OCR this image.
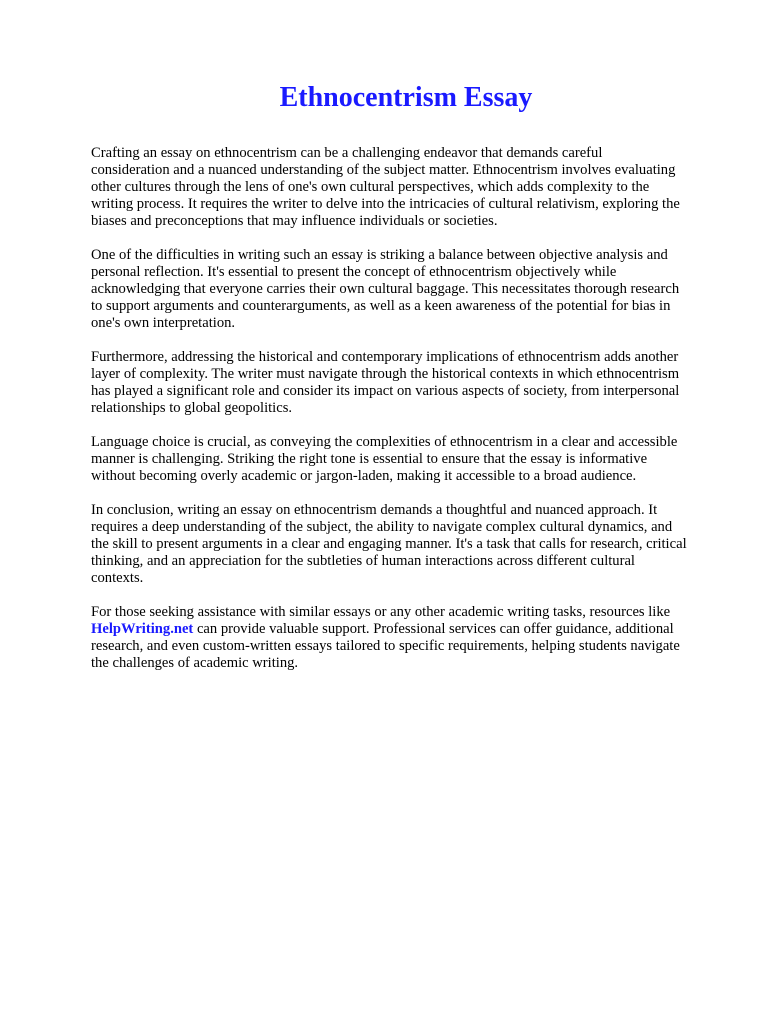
Ethnocentrism Essay

Crafting an essay on ethnocentrism can be a challenging endeavor that demands careful
consideration and a nuanced understanding of the subject matter. Ethnocentrism involves evaluating
other cultures through the lens of one's own cultural perspectives, which adds complexity to the
writing process. It requires the writer to delve into the intricacies of cultural relativism, exploring the
biases and preconceptions that may influence individuals or societies.

One of the difficulties in writing such an essay is striking a balance between objective analysis and
personal reflection. It's essential to present the concept of ethnocentrism objectively while
acknowledging that everyone carries their own cultural baggage. This necessitates thorough research
to support arguments and counterarguments, as well as a keen awareness of the potential for bias in
one's own interpretation.

Furthermore, addressing the historical and contemporary implications of ethnocentrism adds another
layer of complexity. The writer must navigate through the historical contexts in which ethnocentrism
has played a significant role and consider its impact on various aspects of society, from interpersonal
relationships to global geopolitics.

Language choice is crucial, as conveying the complexities of ethnocentrism in a clear and accessible
manner is challenging. Striking the right tone is essential to ensure that the essay is informative
without becoming overly academic or jargon-laden, making it accessible to a broad audience.

In conclusion, writing an essay on ethnocentrism demands a thoughtful and nuanced approach. It
requires a deep understanding of the subject, the ability to navigate complex cultural dynamics, and
the skill to present arguments in a clear and engaging manner. It's a task that calls for research, critical
thinking, and an appreciation for the subtleties of human interactions across different cultural
contexts.

For those seeking assistance with similar essays or any other academic writing tasks, resources like
HelpWriting.net can provide valuable support. Professional services can offer guidance, additional
research, and even custom-written essays tailored to specific requirements, helping students navigate
the challenges of academic writing.
